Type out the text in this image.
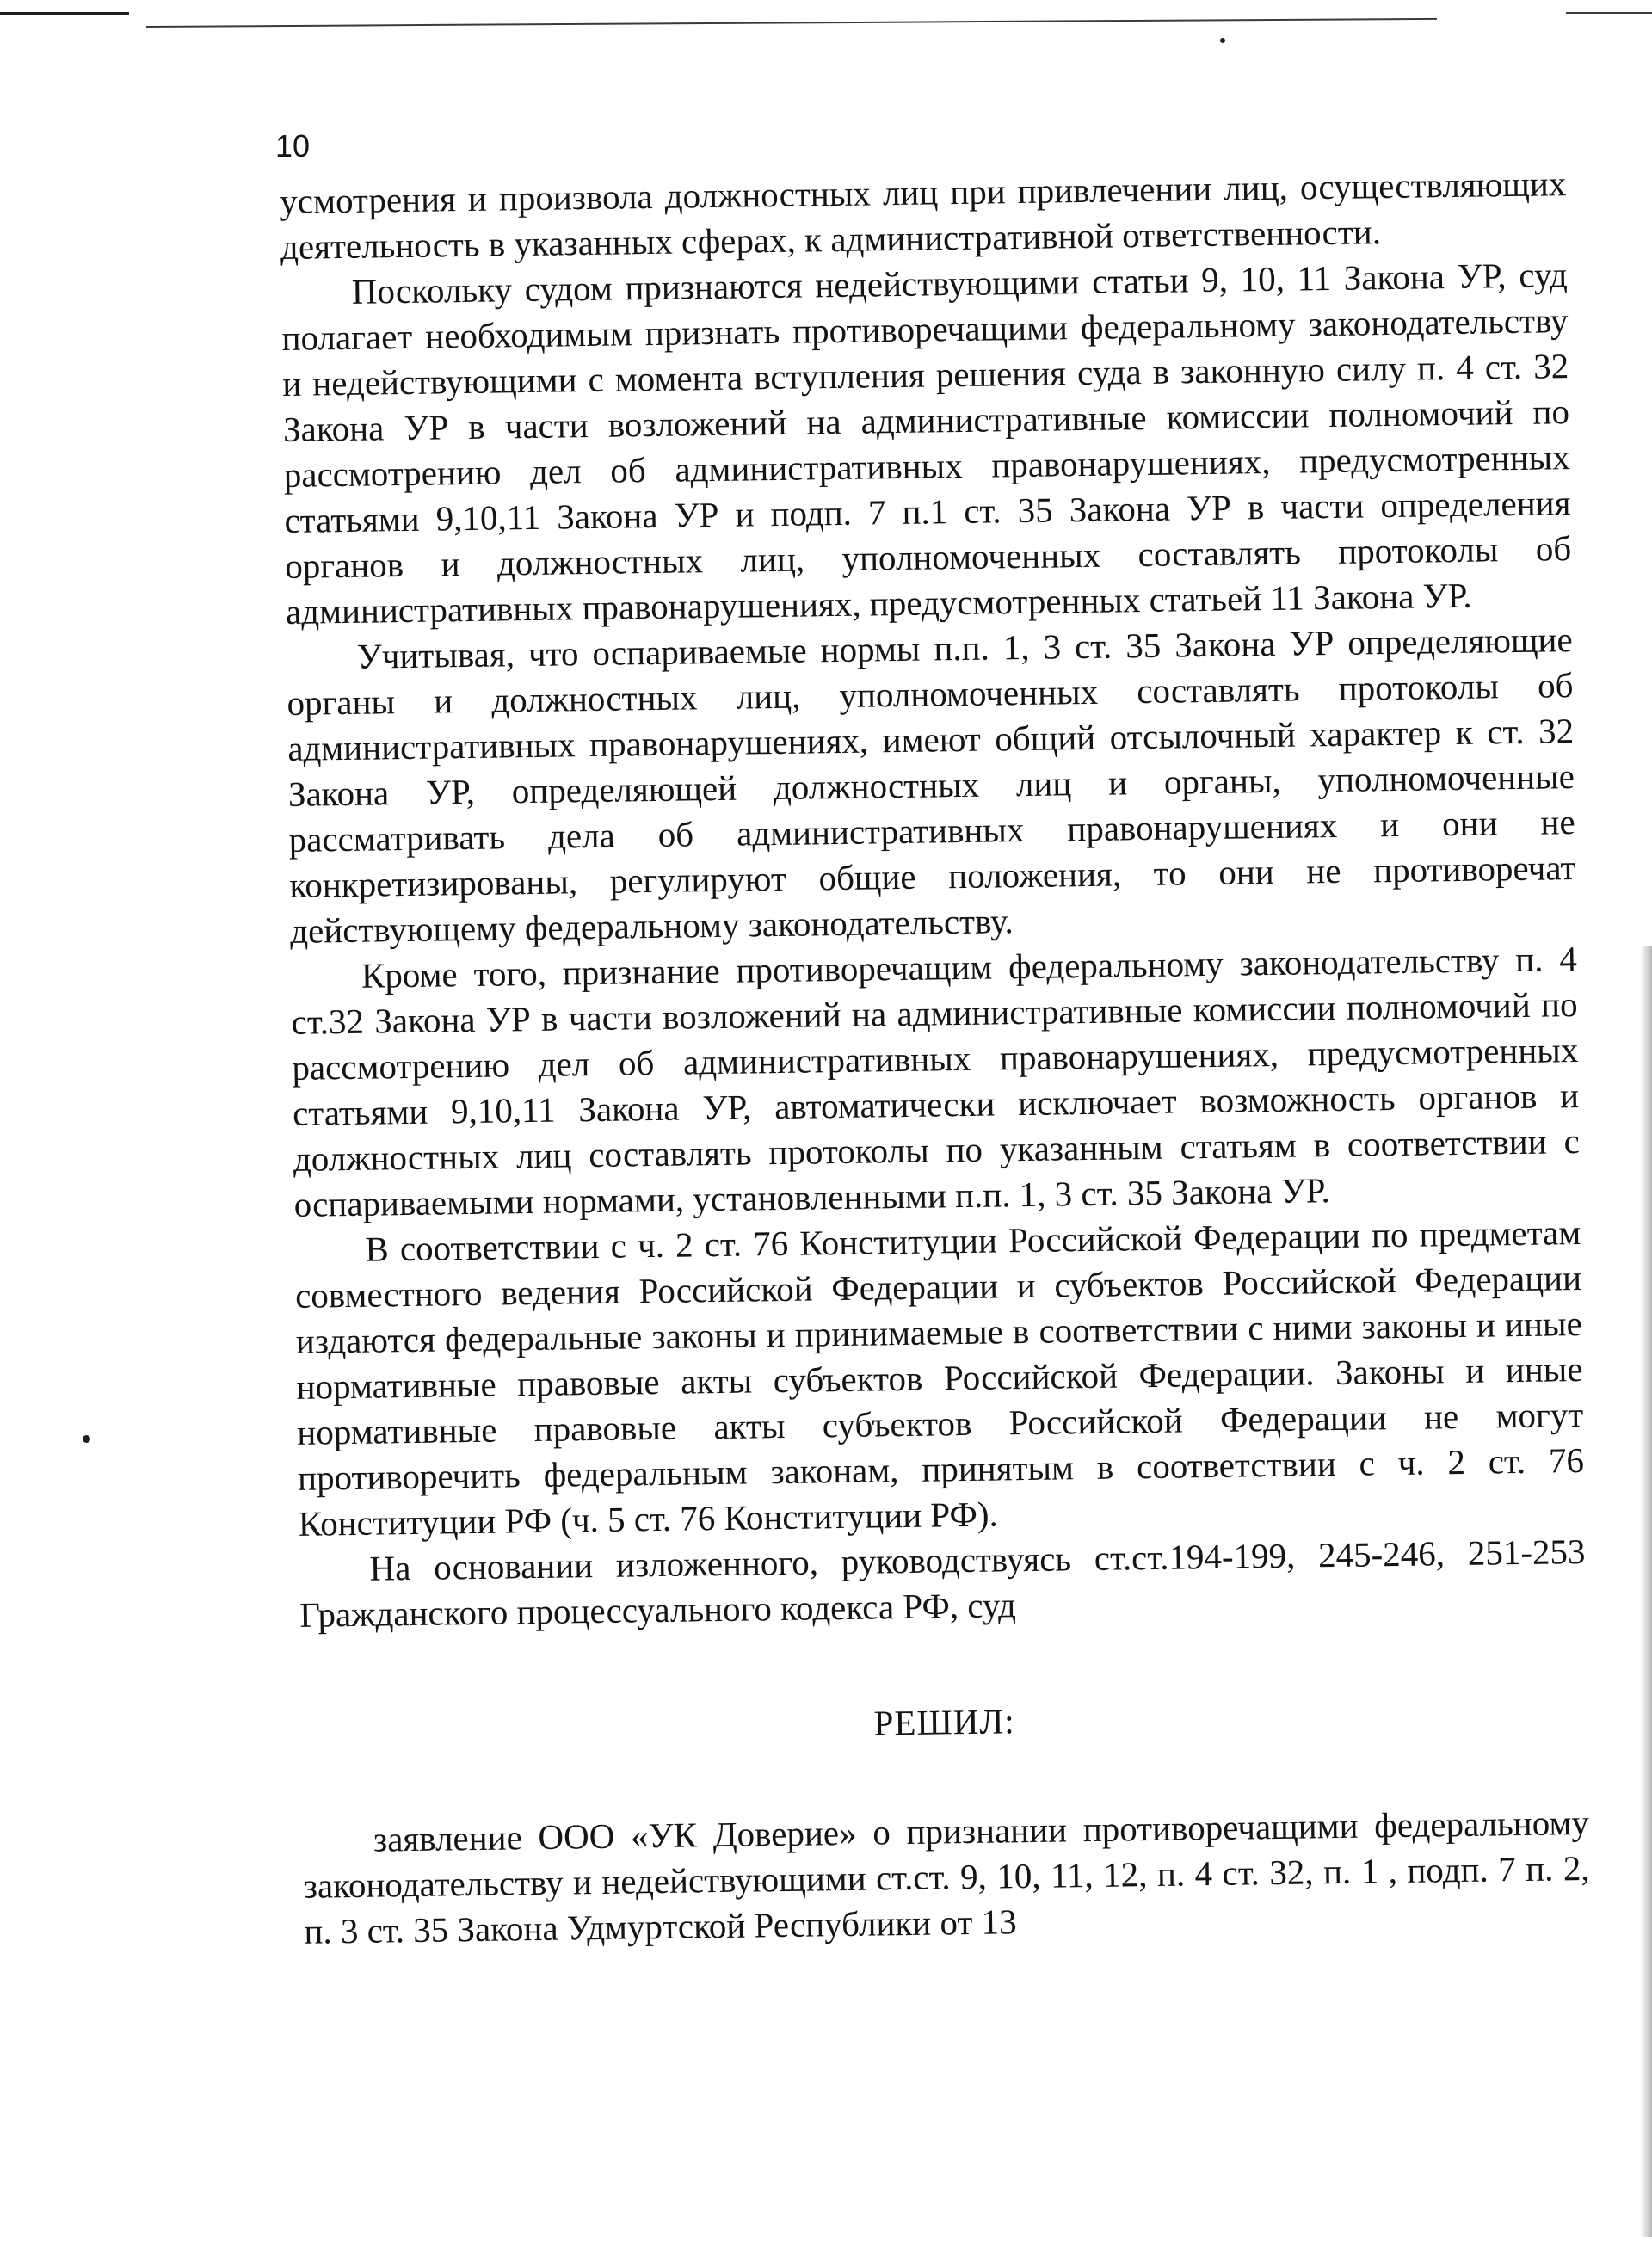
10

усмотрения и произвола должностных лиц при привлечении лиц, осуществляющих деятельность в указанных сферах, к административной ответственности.

Поскольку судом признаются недействующими статьи 9, 10, 11 Закона УР, суд полагает необходимым признать противоречащими федеральному законодательству и недействующими с момента вступления решения суда в законную силу п. 4 ст. 32 Закона УР в части возложений на административные комиссии полномочий по рассмотрению дел об административных правонарушениях, предусмотренных статьями 9,10,11 Закона УР и подп. 7 п.1 ст. 35 Закона УР в части определения органов и должностных лиц, уполномоченных составлять протоколы об административных правонарушениях, предусмотренных статьей 11 Закона УР.

Учитывая, что оспариваемые нормы п.п. 1, 3 ст. 35 Закона УР определяющие органы и должностных лиц, уполномоченных составлять протоколы об административных правонарушениях, имеют общий отсылочный характер к ст. 32 Закона УР, определяющей должностных лиц и органы, уполномоченные рассматривать дела об административных правонарушениях и они не конкретизированы, регулируют общие положения, то они не противоречат действующему федеральному законодательству.

Кроме того, признание противоречащим федеральному законодательству п. 4 ст.32 Закона УР в части возложений на административные комиссии полномочий по рассмотрению дел об административных правонарушениях, предусмотренных статьями 9,10,11 Закона УР, автоматически исключает возможность органов и должностных лиц составлять протоколы по указанным статьям в соответствии с оспариваемыми нормами, установленными п.п. 1, 3 ст. 35 Закона УР.

В соответствии с ч. 2 ст. 76 Конституции Российской Федерации по предметам совместного ведения Российской Федерации и субъектов Российской Федерации издаются федеральные законы и принимаемые в соответствии с ними законы и иные нормативные правовые акты субъектов Российской Федерации. Законы и иные нормативные правовые акты субъектов Российской Федерации не могут противоречить федеральным законам, принятым в соответствии с ч. 2 ст. 76 Конституции РФ (ч. 5 ст. 76 Конституции РФ).

На основании изложенного, руководствуясь ст.ст.194-199, 245-246, 251-253 Гражданского процессуального кодекса РФ, суд

РЕШИЛ:

заявление ООО «УК Доверие» о признании противоречащими федеральному законодательству и недействующими ст.ст. 9, 10, 11, 12, п. 4 ст. 32, п. 1 , подп. 7 п. 2, п. 3 ст. 35 Закона Удмуртской Республики от 13
